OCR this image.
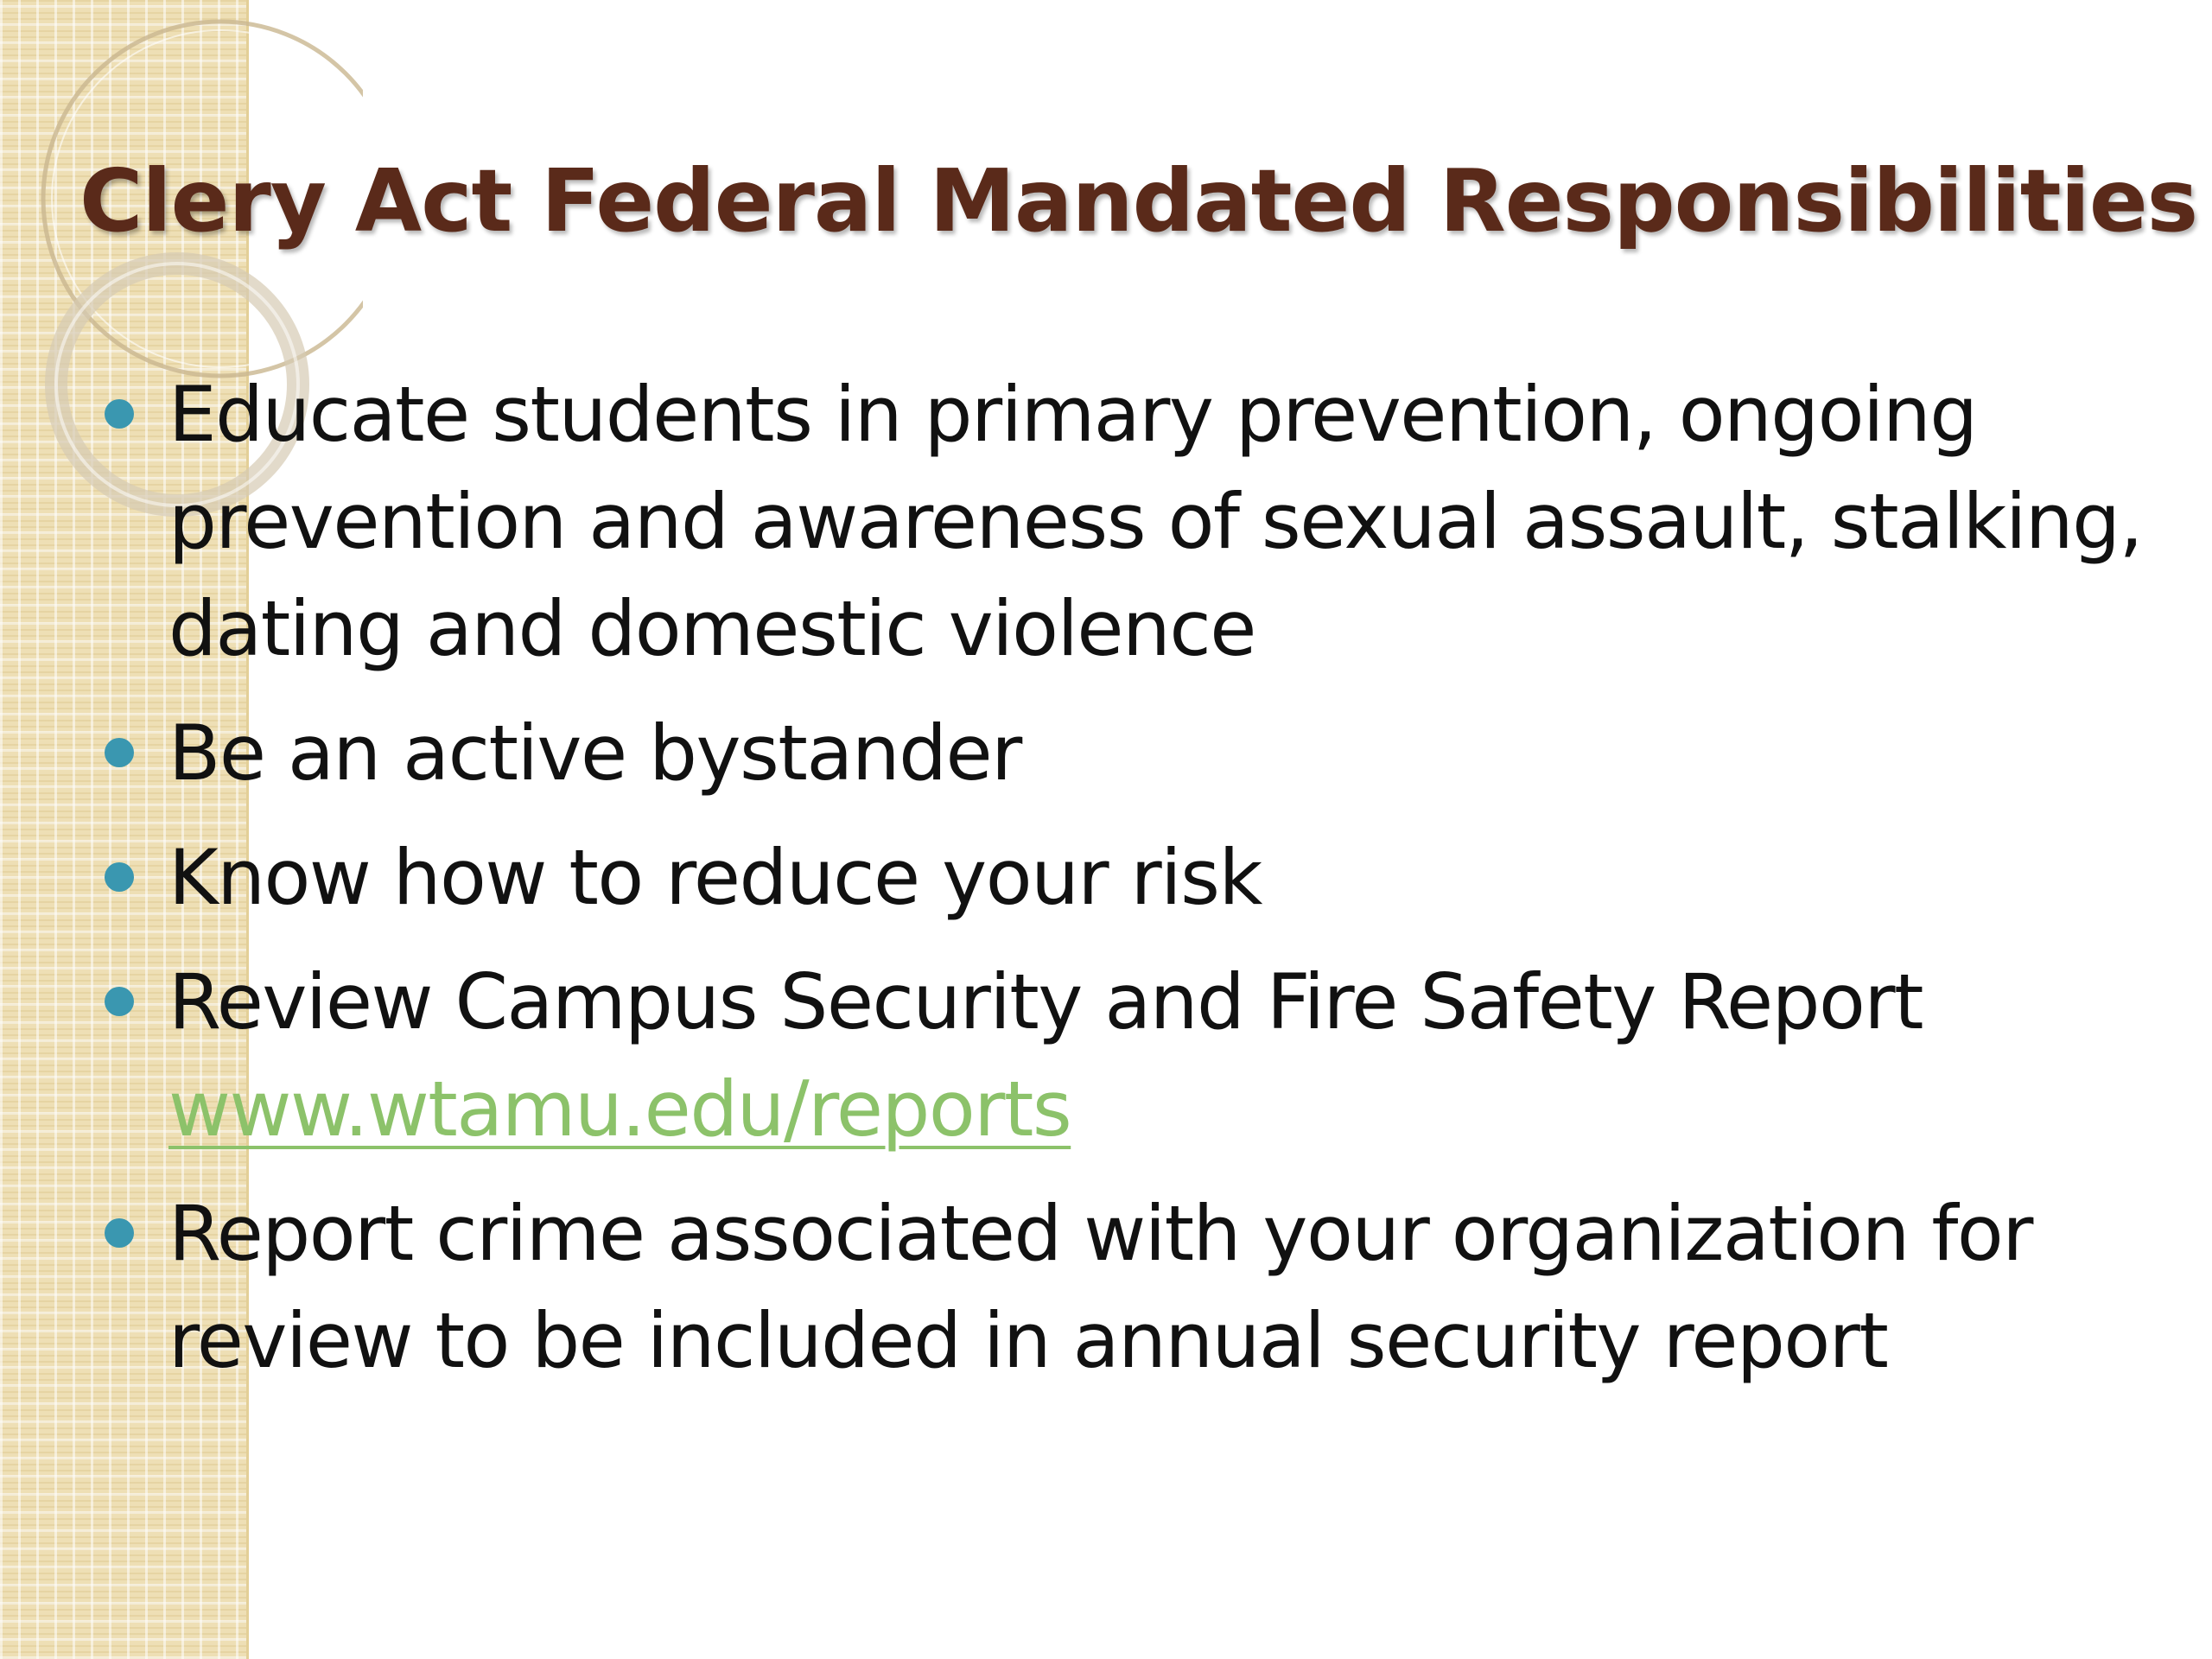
Clery Act Federal Mandated Responsibilities
Educate students in primary prevention, ongoing prevention and awareness of sexual assault, stalking, dating and domestic violence
Be an active bystander
Know how to reduce your risk
Review Campus Security and Fire Safety Report
www.wtamu.edu/reports
Report crime associated with your organization for review to be included in annual security report
